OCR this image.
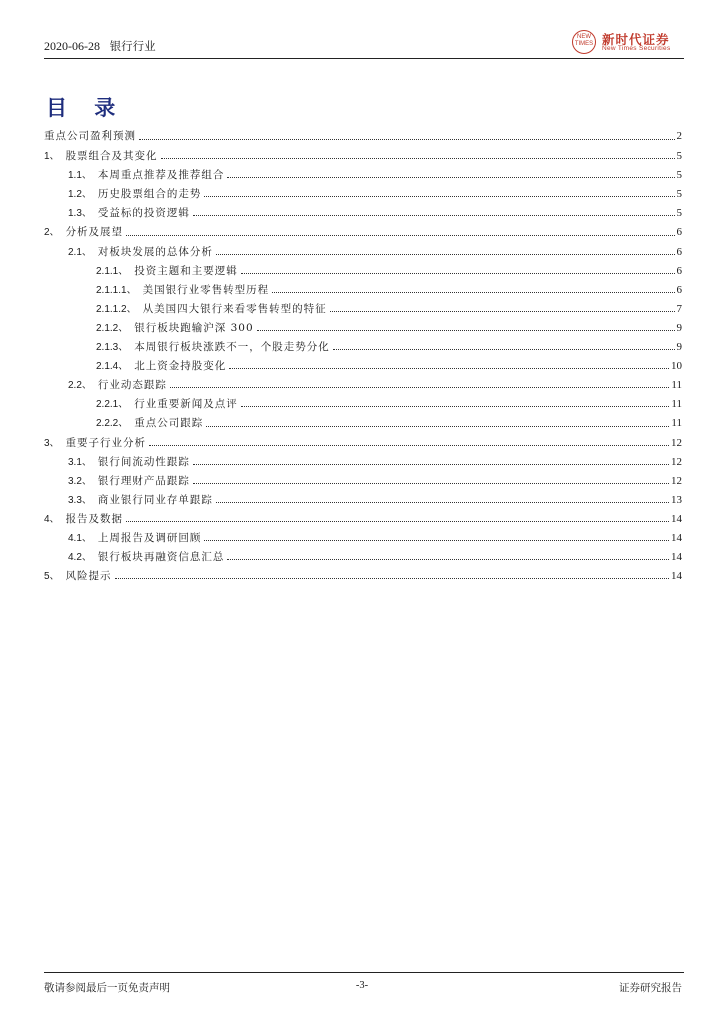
2020-06-28 银行行业
NEW TIMES 新时代证券
New Times Securities
目 录
重点公司盈利预测	2
1、 股票组合及其变化	5
1.1、 本周重点推荐及推荐组合	5
1.2、 历史股票组合的走势	5
1.3、 受益标的投资逻辑	5
2、 分析及展望	6
2.1、 对板块发展的总体分析	6
2.1.1、 投资主题和主要逻辑	6
2.1.1.1、 美国银行业零售转型历程	6
2.1.1.2、 从美国四大银行来看零售转型的特征	7
2.1.2、 银行板块跑输沪深 300	9
2.1.3、 本周银行板块涨跌不一，个股走势分化	9
2.1.4、 北上资金持股变化	10
2.2、 行业动态跟踪	11
2.2.1、 行业重要新闻及点评	11
2.2.2、 重点公司跟踪	11
3、 重要子行业分析	12
3.1、 银行间流动性跟踪	12
3.2、 银行理财产品跟踪	12
3.3、 商业银行同业存单跟踪	13
4、 报告及数据	14
4.1、 上周报告及调研回顾	14
4.2、 银行板块再融资信息汇总	14
5、 风险提示	14
敬请参阅最后一页免责声明	-3-	证券研究报告
